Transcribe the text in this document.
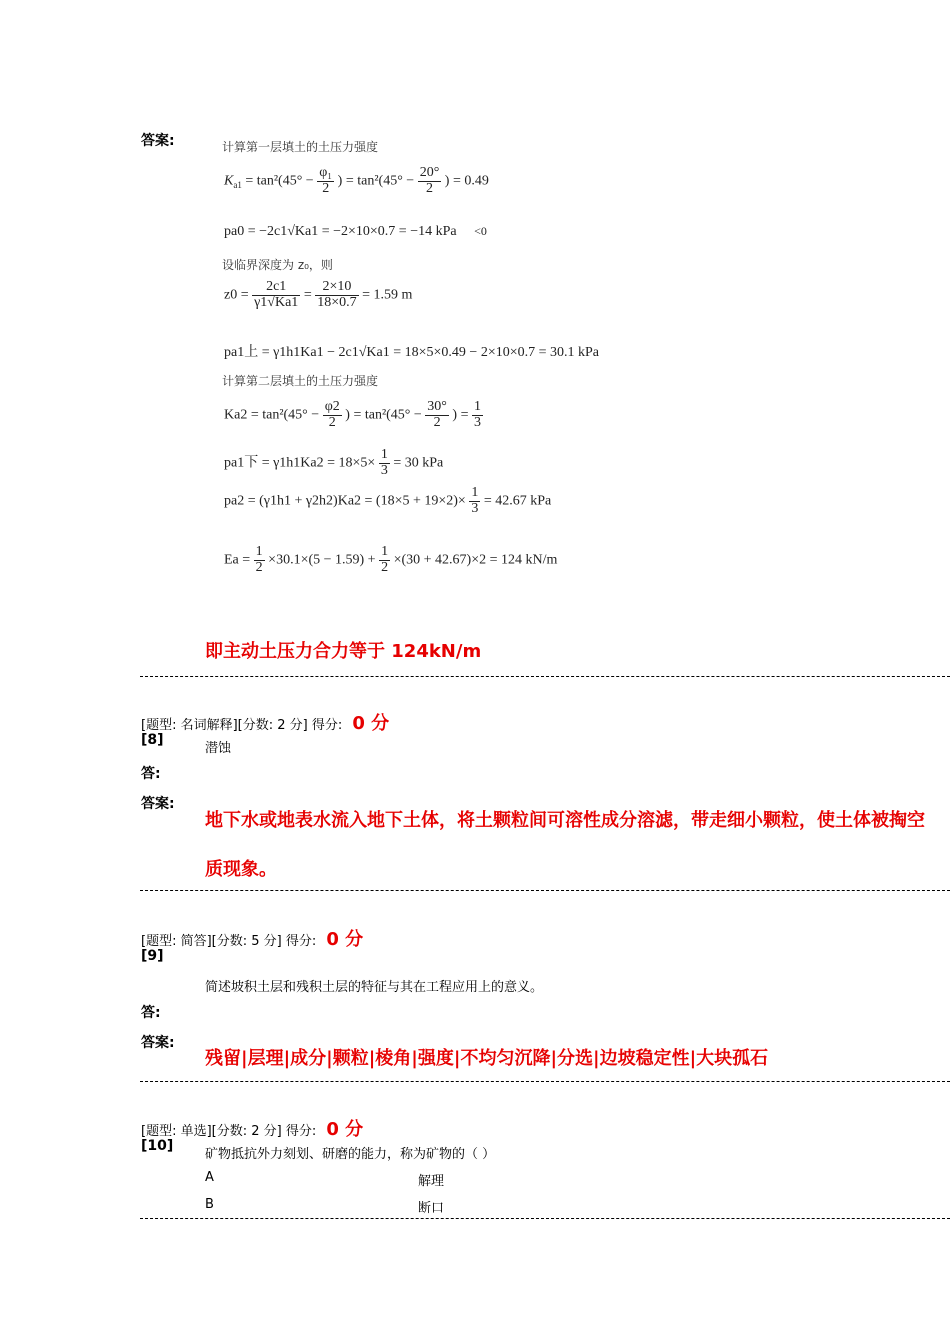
答案:	计算第一层填土的土压力强度
$K_{a1} = \tan^2(45^\circ - \frac{\text{φ₁}}{2}$ ) = $\tan^2(45^\circ - \frac{20^\circ}{2}$ ) = 0.49
pa0 = −2c1√Ka1 = −2×10×0.7 = −14 kPa <0
设临界深度为 z₀，则
$z0 = \frac{2c1}{\gamma 1√Ka1} = \frac{2\times 10}{18\times 0.7} = 1.59$ m
pa1上 = γ1h1Ka1 − 2c1√Ka1 = 18×5×0.49 − 2×10×0.7 = 30.1 kPa
计算第二层填土的土压力强度
$Ka2 = \tan^2(45^\circ - \frac{\varphi 2}{2}$ ) = $\tan^2(45^\circ - \frac{30^\circ}{2}$ ) = $\frac{1}{3}$
pa1下 = $\gamma 1h1Ka2 = 18\times 5\times \frac{1}{3} = 30$ kPa
$pa2 = (\gamma 1h1 + \gamma 2h2)Ka2 = (18\times 5 + 19\times 2)\times \frac{1}{3} = 42.67$ kPa
$Ea = \frac{1}{2} \times 30.1\times(5 - 1.59) + \frac{1}{2} \times(30 + 42.67)\times 2 = 124$ kN/m
即主动土压力合力等于 124kN/m
[题型: 名词解释][分数: 2 分] 得分: 0 分
[8]
潜蚀
答:
答案:
地下水或地表水流入地下土体，将土颗粒间可溶性成分溶滤，带走细小颗粒，使土体被掏空
质现象。
[题型: 简答][分数: 5 分] 得分: 0 分
[9]
简述坡积土层和残积土层的特征与其在工程应用上的意义。
答:
答案:
残留|层理|成分|颗粒|棱角|强度|不均匀沉降|分选|边坡稳定性|大块孤石
[题型: 单选][分数: 2 分] 得分: 0 分
[10]
矿物抵抗外力刻划、研磨的能力，称为矿物的（ ）
A	解理
B	断口
